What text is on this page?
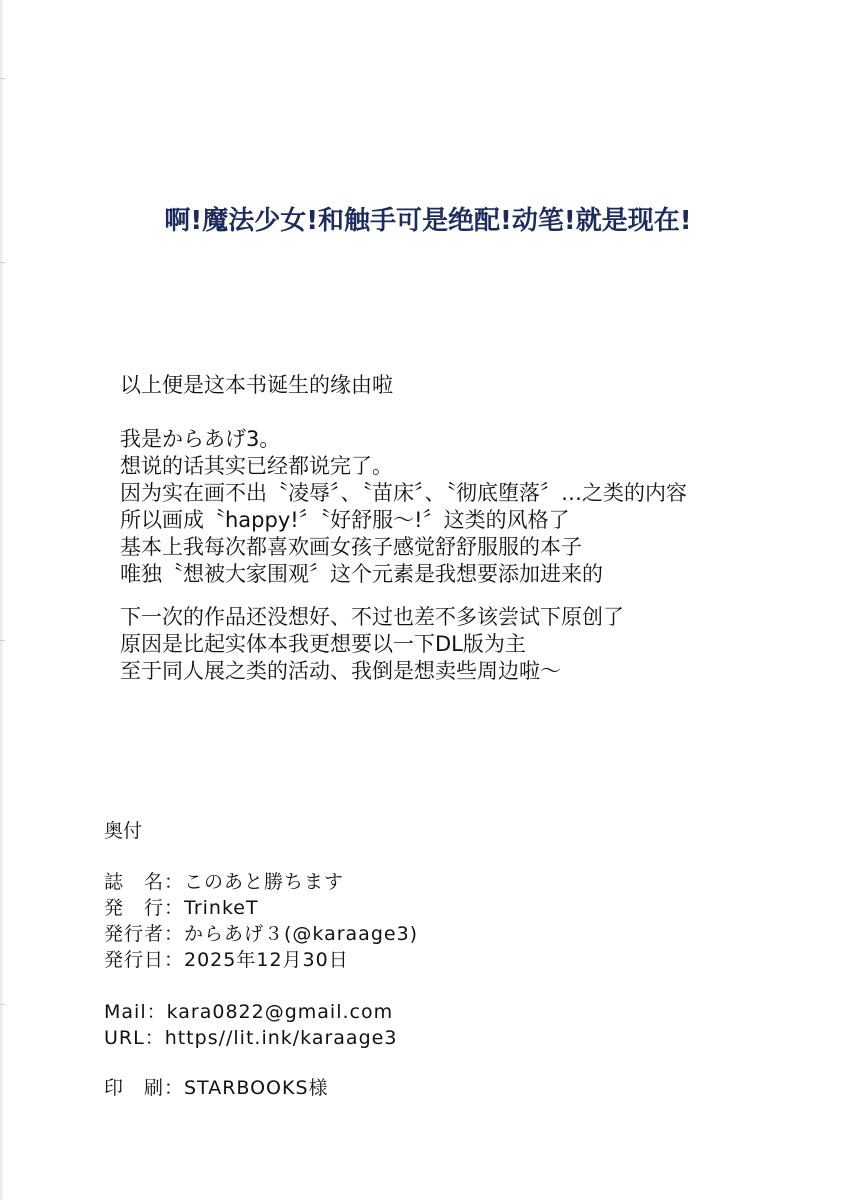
啊!魔法少女!和触手可是绝配!动笔!就是现在!
以上便是这本书诞生的缘由啦
我是からあげ3。
想说的话其实已经都说完了。
因为实在画不出〝凌辱〞、〝苗床〞、〝彻底堕落〞…之类的内容
所以画成〝happy!〞〝好舒服～!〞这类的风格了
基本上我每次都喜欢画女孩子感觉舒舒服服的本子
唯独〝想被大家围观〞这个元素是我想要添加进来的
下一次的作品还没想好、不过也差不多该尝试下原创了
原因是比起实体本我更想要以一下DL版为主
至于同人展之类的活动、我倒是想卖些周边啦～
奥付
誌　名：このあと勝ちます
発　行：TrinkeT
発行者：からあげ３(@karaage3)
発行日：2025年12月30日
Mail：kara0822@gmail.com
URL：https//lit.ink/karaage3
印　刷：STARBOOKS様
